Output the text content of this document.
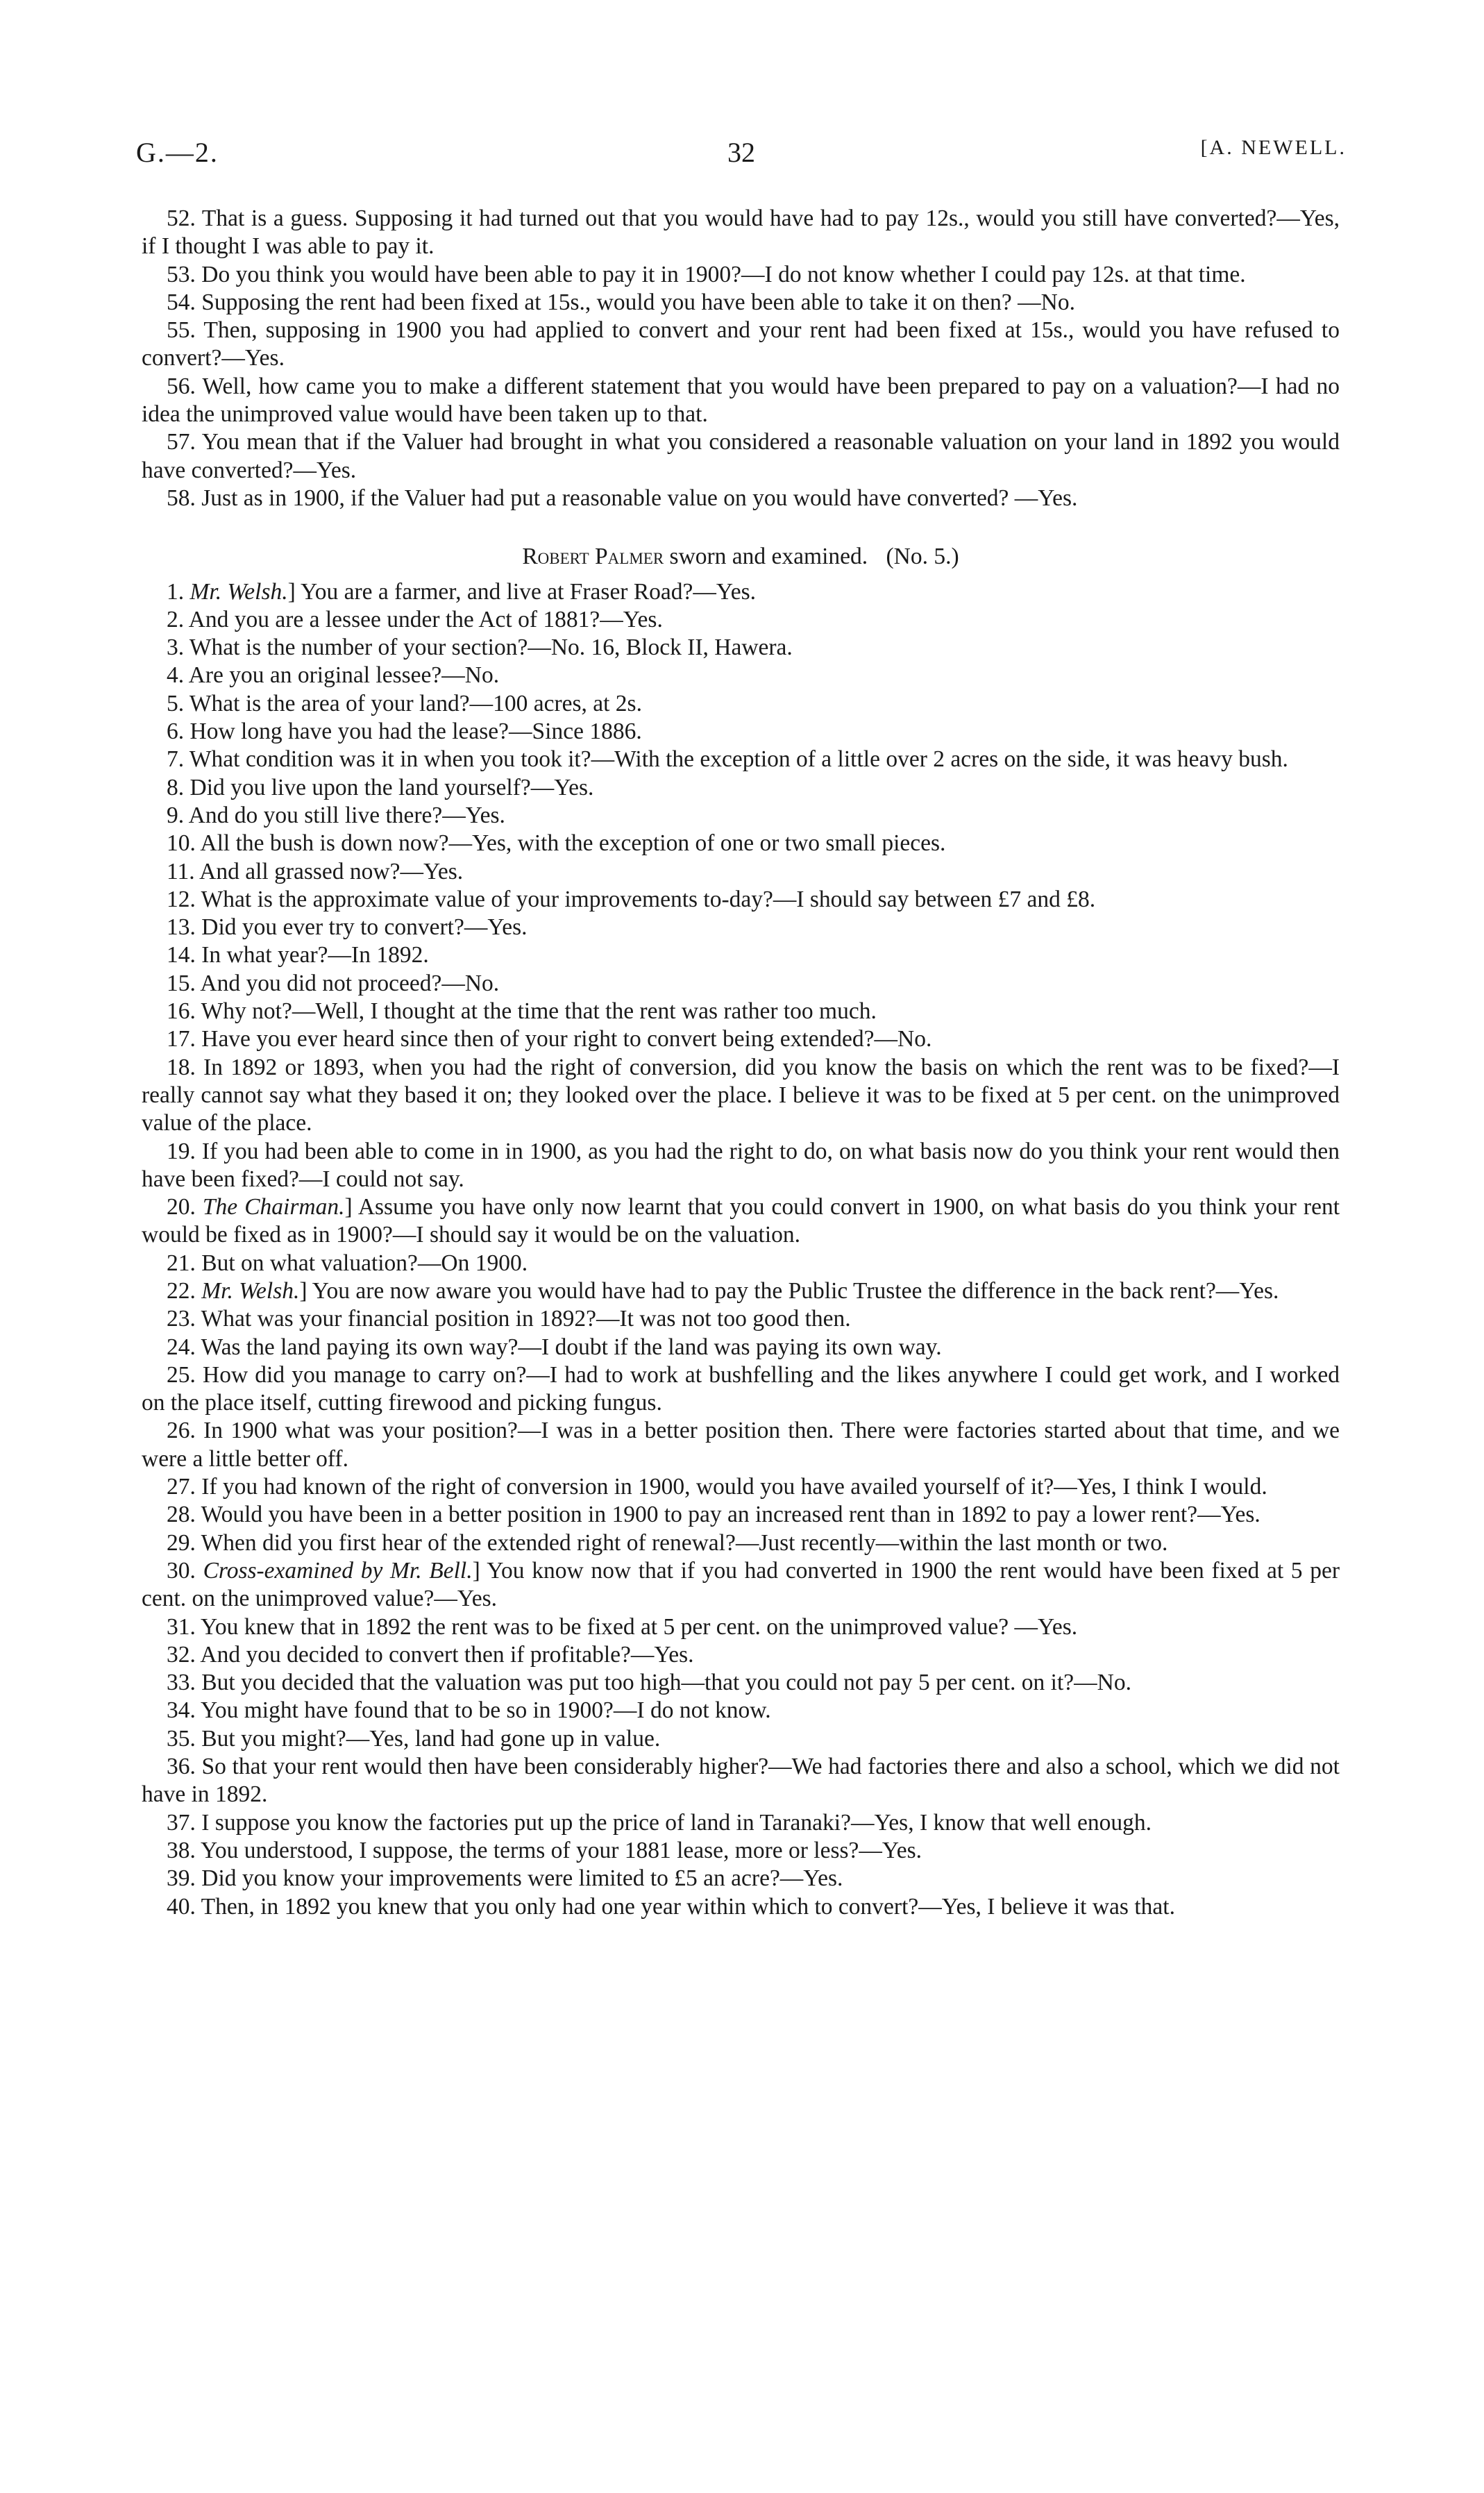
G.—2.	32	[A. NEWELL.

52. That is a guess. Supposing it had turned out that you would have had to pay 12s., would you still have converted?—Yes, if I thought I was able to pay it.

53. Do you think you would have been able to pay it in 1900?—I do not know whether I could pay 12s. at that time.

54. Supposing the rent had been fixed at 15s., would you have been able to take it on then? —No.

55. Then, supposing in 1900 you had applied to convert and your rent had been fixed at 15s., would you have refused to convert?—Yes.

56. Well, how came you to make a different statement that you would have been prepared to pay on a valuation?—I had no idea the unimproved value would have been taken up to that.

57. You mean that if the Valuer had brought in what you considered a reasonable valuation on your land in 1892 you would have converted?—Yes.

58. Just as in 1900, if the Valuer had put a reasonable value on you would have converted? —Yes.

Robert Palmer sworn and examined. (No. 5.)

1. Mr. Welsh.] You are a farmer, and live at Fraser Road?—Yes.

2. And you are a lessee under the Act of 1881?—Yes.

3. What is the number of your section?—No. 16, Block II, Hawera.

4. Are you an original lessee?—No.

5. What is the area of your land?—100 acres, at 2s.

6. How long have you had the lease?—Since 1886.

7. What condition was it in when you took it?—With the exception of a little over 2 acres on the side, it was heavy bush.

8. Did you live upon the land yourself?—Yes.

9. And do you still live there?—Yes.

10. All the bush is down now?—Yes, with the exception of one or two small pieces.

11. And all grassed now?—Yes.

12. What is the approximate value of your improvements to-day?—I should say between £7 and £8.

13. Did you ever try to convert?—Yes.

14. In what year?—In 1892.

15. And you did not proceed?—No.

16. Why not?—Well, I thought at the time that the rent was rather too much.

17. Have you ever heard since then of your right to convert being extended?—No.

18. In 1892 or 1893, when you had the right of conversion, did you know the basis on which the rent was to be fixed?—I really cannot say what they based it on; they looked over the place. I believe it was to be fixed at 5 per cent. on the unimproved value of the place.

19. If you had been able to come in in 1900, as you had the right to do, on what basis now do you think your rent would then have been fixed?—I could not say.

20. The Chairman.] Assume you have only now learnt that you could convert in 1900, on what basis do you think your rent would be fixed as in 1900?—I should say it would be on the valuation.

21. But on what valuation?—On 1900.

22. Mr. Welsh.] You are now aware you would have had to pay the Public Trustee the difference in the back rent?—Yes.

23. What was your financial position in 1892?—It was not too good then.

24. Was the land paying its own way?—I doubt if the land was paying its own way.

25. How did you manage to carry on?—I had to work at bushfelling and the likes anywhere I could get work, and I worked on the place itself, cutting firewood and picking fungus.

26. In 1900 what was your position?—I was in a better position then. There were factories started about that time, and we were a little better off.

27. If you had known of the right of conversion in 1900, would you have availed yourself of it?—Yes, I think I would.

28. Would you have been in a better position in 1900 to pay an increased rent than in 1892 to pay a lower rent?—Yes.

29. When did you first hear of the extended right of renewal?—Just recently—within the last month or two.

30. Cross-examined by Mr. Bell.] You know now that if you had converted in 1900 the rent would have been fixed at 5 per cent. on the unimproved value?—Yes.

31. You knew that in 1892 the rent was to be fixed at 5 per cent. on the unimproved value? —Yes.

32. And you decided to convert then if profitable?—Yes.

33. But you decided that the valuation was put too high—that you could not pay 5 per cent. on it?—No.

34. You might have found that to be so in 1900?—I do not know.

35. But you might?—Yes, land had gone up in value.

36. So that your rent would then have been considerably higher?—We had factories there and also a school, which we did not have in 1892.

37. I suppose you know the factories put up the price of land in Taranaki?—Yes, I know that well enough.

38. You understood, I suppose, the terms of your 1881 lease, more or less?—Yes.

39. Did you know your improvements were limited to £5 an acre?—Yes.

40. Then, in 1892 you knew that you only had one year within which to convert?—Yes, I believe it was that.
